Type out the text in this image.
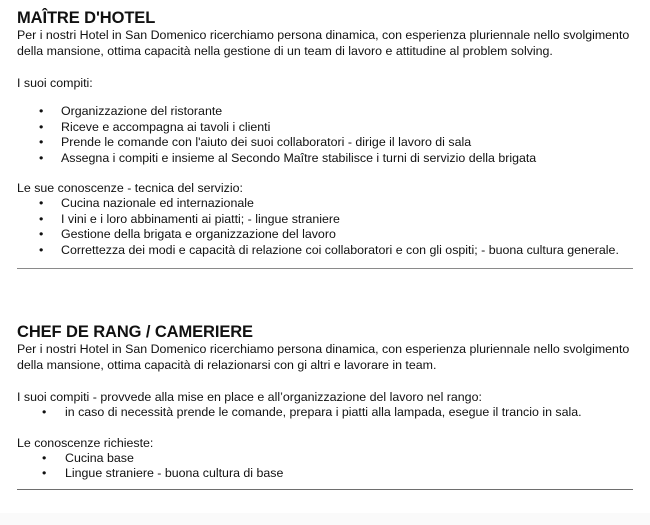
MAÎTRE D'HOTEL

Per i nostri Hotel in San Domenico ricerchiamo persona dinamica, con esperienza pluriennale nello svolgimento

della mansione, ottima capacità nella gestione di un team di lavoro e attitudine al problem solving.

I suoi compiti:

• Organizzazione del ristorante
• Riceve e accompagna ai tavoli i clienti
• Prende le comande con l'aiuto dei suoi collaboratori - dirige il lavoro di sala
• Assegna i compiti e insieme al Secondo Maître stabilisce i turni di servizio della brigata

Le sue conoscenze - tecnica del servizio:

• Cucina nazionale ed internazionale
• I vini e i loro abbinamenti ai piatti; - lingue straniere
• Gestione della brigata e organizzazione del lavoro
• Correttezza dei modi e capacità di relazione coi collaboratori e con gli ospiti; - buona cultura generale.
CHEF DE RANG / CAMERIERE

Per i nostri Hotel in San Domenico ricerchiamo persona dinamica, con esperienza pluriennale nello svolgimento

della mansione, ottima capacità di relazionarsi con gi altri e lavorare in team.

I suoi compiti - provvede alla mise en place e all’organizzazione del lavoro nel rango:

• in caso di necessità prende le comande, prepara i piatti alla lampada, esegue il trancio in sala.

Le conoscenze richieste:

• Cucina base
• Lingue straniere - buona cultura di base
